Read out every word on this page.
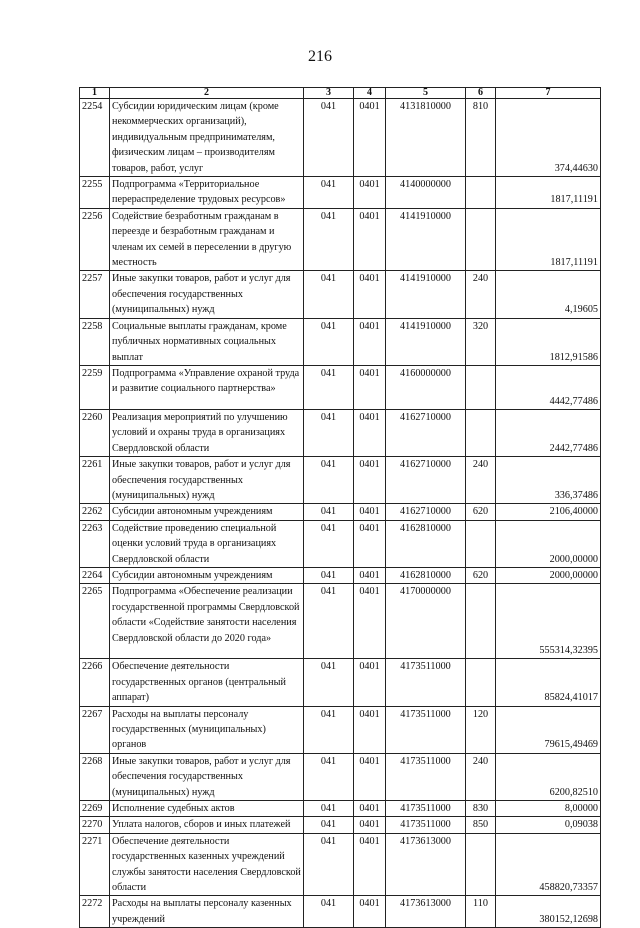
216
1	2	3	4	5	6	7
2254	Субсидии юридическим лицам (кроме некоммерческих организаций), индивидуальным предпринимателям, физическим лицам – производителям товаров, работ, услуг	041	0401	4131810000	810	374,44630
2255	Подпрограмма «Территориальное перераспределение трудовых ресурсов»	041	0401	4140000000		1817,11191
2256	Содействие безработным гражданам в переезде и безработным гражданам и членам их семей в переселении в другую местность	041	0401	4141910000		1817,11191
2257	Иные закупки товаров, работ и услуг для обеспечения государственных (муниципальных) нужд	041	0401	4141910000	240	4,19605
2258	Социальные выплаты гражданам, кроме публичных нормативных социальных выплат	041	0401	4141910000	320	1812,91586
2259	Подпрограмма «Управление охраной труда и развитие социального партнерства»	041	0401	4160000000		4442,77486
2260	Реализация мероприятий по улучшению условий и охраны труда в организациях Свердловской области	041	0401	4162710000		2442,77486
2261	Иные закупки товаров, работ и услуг для обеспечения государственных (муниципальных) нужд	041	0401	4162710000	240	336,37486
2262	Субсидии автономным учреждениям	041	0401	4162710000	620	2106,40000
2263	Содействие проведению специальной оценки условий труда в организациях Свердловской области	041	0401	4162810000		2000,00000
2264	Субсидии автономным учреждениям	041	0401	4162810000	620	2000,00000
2265	Подпрограмма «Обеспечение реализации государственной программы Свердловской области «Содействие занятости населения Свердловской области до 2020 года»	041	0401	4170000000		555314,32395
2266	Обеспечение деятельности государственных органов (центральный аппарат)	041	0401	4173511000		85824,41017
2267	Расходы на выплаты персоналу государственных (муниципальных) органов	041	0401	4173511000	120	79615,49469
2268	Иные закупки товаров, работ и услуг для обеспечения государственных (муниципальных) нужд	041	0401	4173511000	240	6200,82510
2269	Исполнение судебных актов	041	0401	4173511000	830	8,00000
2270	Уплата налогов, сборов и иных платежей	041	0401	4173511000	850	0,09038
2271	Обеспечение деятельности государственных казенных учреждений службы занятости населения Свердловской области	041	0401	4173613000		458820,73357
2272	Расходы на выплаты персоналу казенных учреждений	041	0401	4173613000	110	380152,12698
